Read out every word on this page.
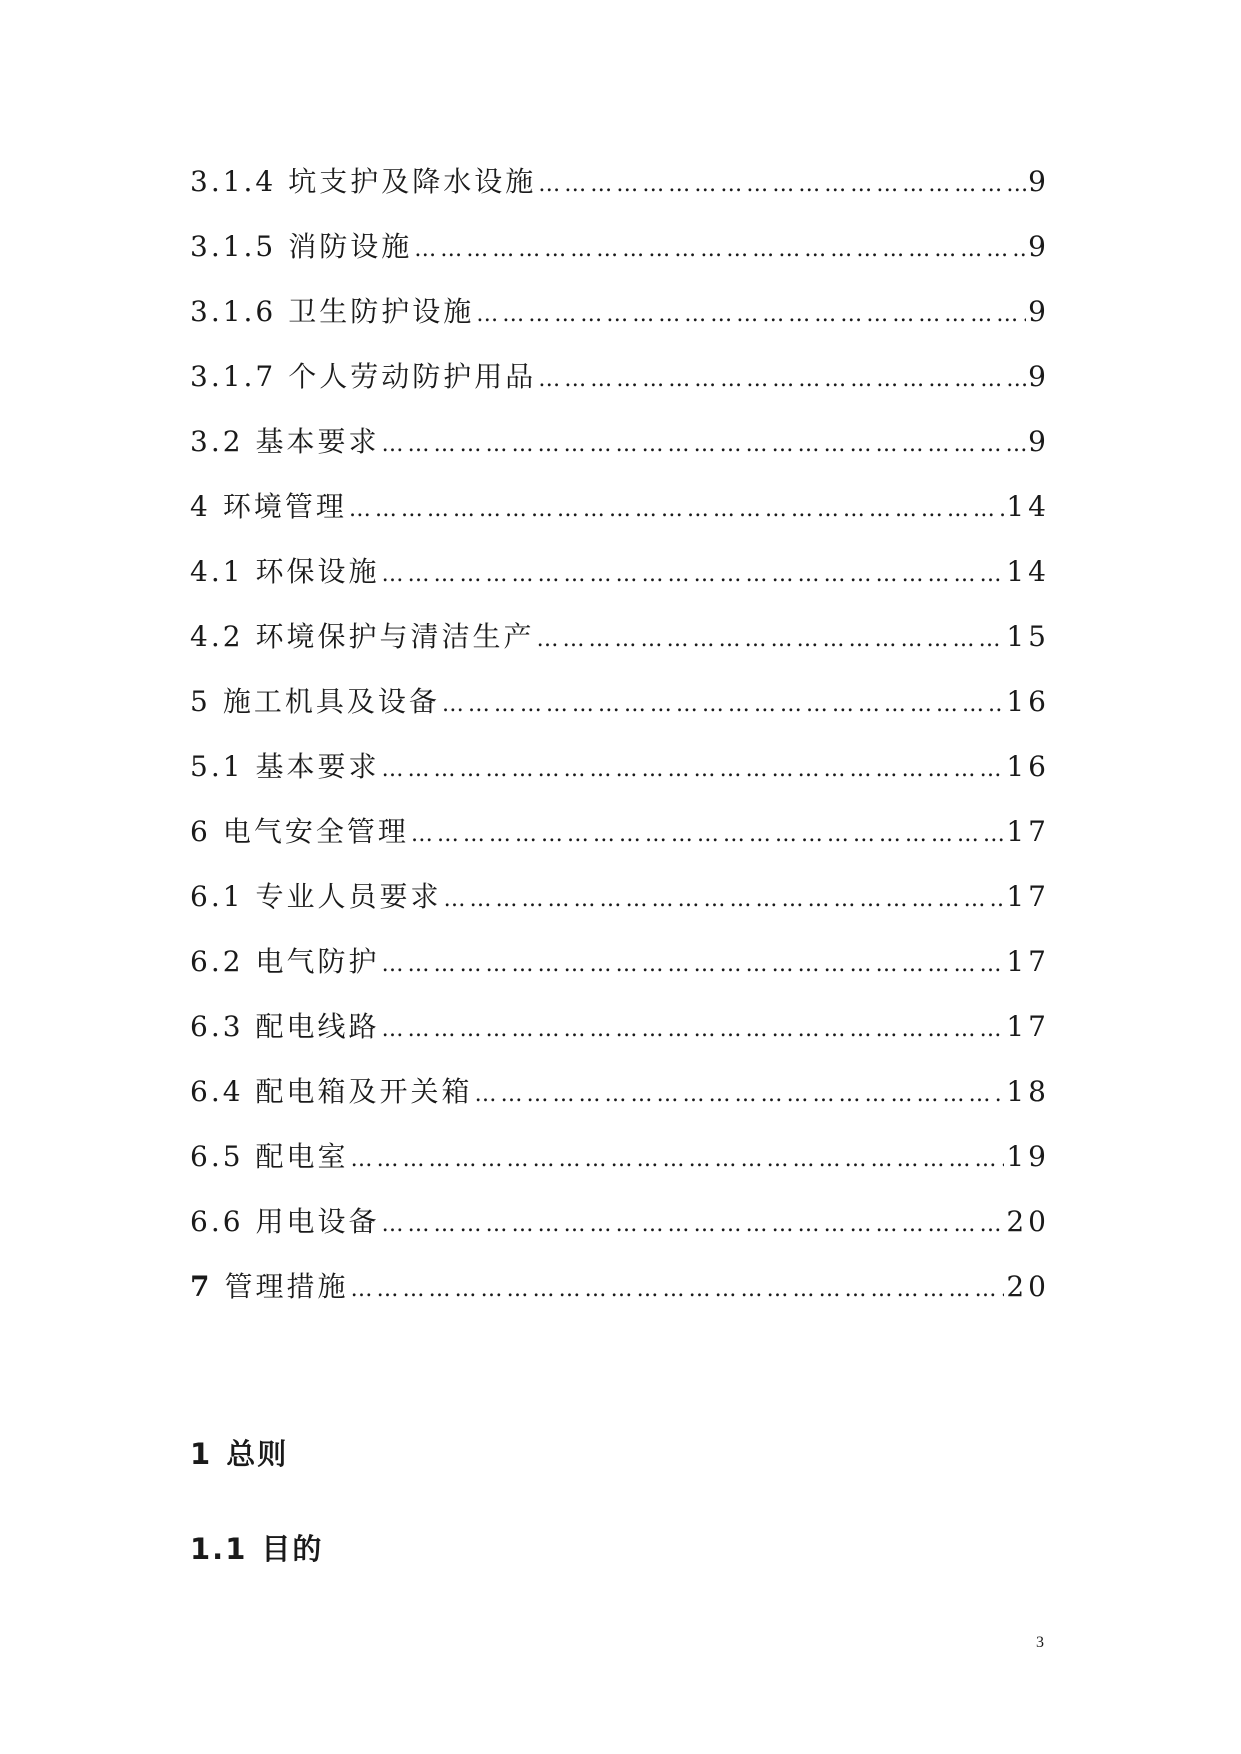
3.1.4 坑支护及降水设施 …………………………………………………………………………………………………………………………………………………………………………………………………………	9
3.1.5 消防设施 …………………………………………………………………………………………………………………………………………………………………………………………………………	9
3.1.6 卫生防护设施 …………………………………………………………………………………………………………………………………………………………………………………………………………	9
3.1.7 个人劳动防护用品 …………………………………………………………………………………………………………………………………………………………………………………………………………	9
3.2 基本要求 …………………………………………………………………………………………………………………………………………………………………………………………………………	9
4 环境管理 …………………………………………………………………………………………………………………………………………………………………………………………………………	14
4.1 环保设施 …………………………………………………………………………………………………………………………………………………………………………………………………………	14
4.2 环境保护与清洁生产 …………………………………………………………………………………………………………………………………………………………………………………………………………	15
5 施工机具及设备 …………………………………………………………………………………………………………………………………………………………………………………………………………	16
5.1 基本要求 …………………………………………………………………………………………………………………………………………………………………………………………………………	16
6 电气安全管理 …………………………………………………………………………………………………………………………………………………………………………………………………………	17
6.1 专业人员要求 …………………………………………………………………………………………………………………………………………………………………………………………………………	17
6.2 电气防护 …………………………………………………………………………………………………………………………………………………………………………………………………………	17
6.3 配电线路 …………………………………………………………………………………………………………………………………………………………………………………………………………	17
6.4 配电箱及开关箱 …………………………………………………………………………………………………………………………………………………………………………………………………………	18
6.5 配电室 …………………………………………………………………………………………………………………………………………………………………………………………………………	19
6.6 用电设备 …………………………………………………………………………………………………………………………………………………………………………………………………………	20
7 管理措施 …………………………………………………………………………………………………………………………………………………………………………………………………………	20
1 总则
1.1 目的
3
